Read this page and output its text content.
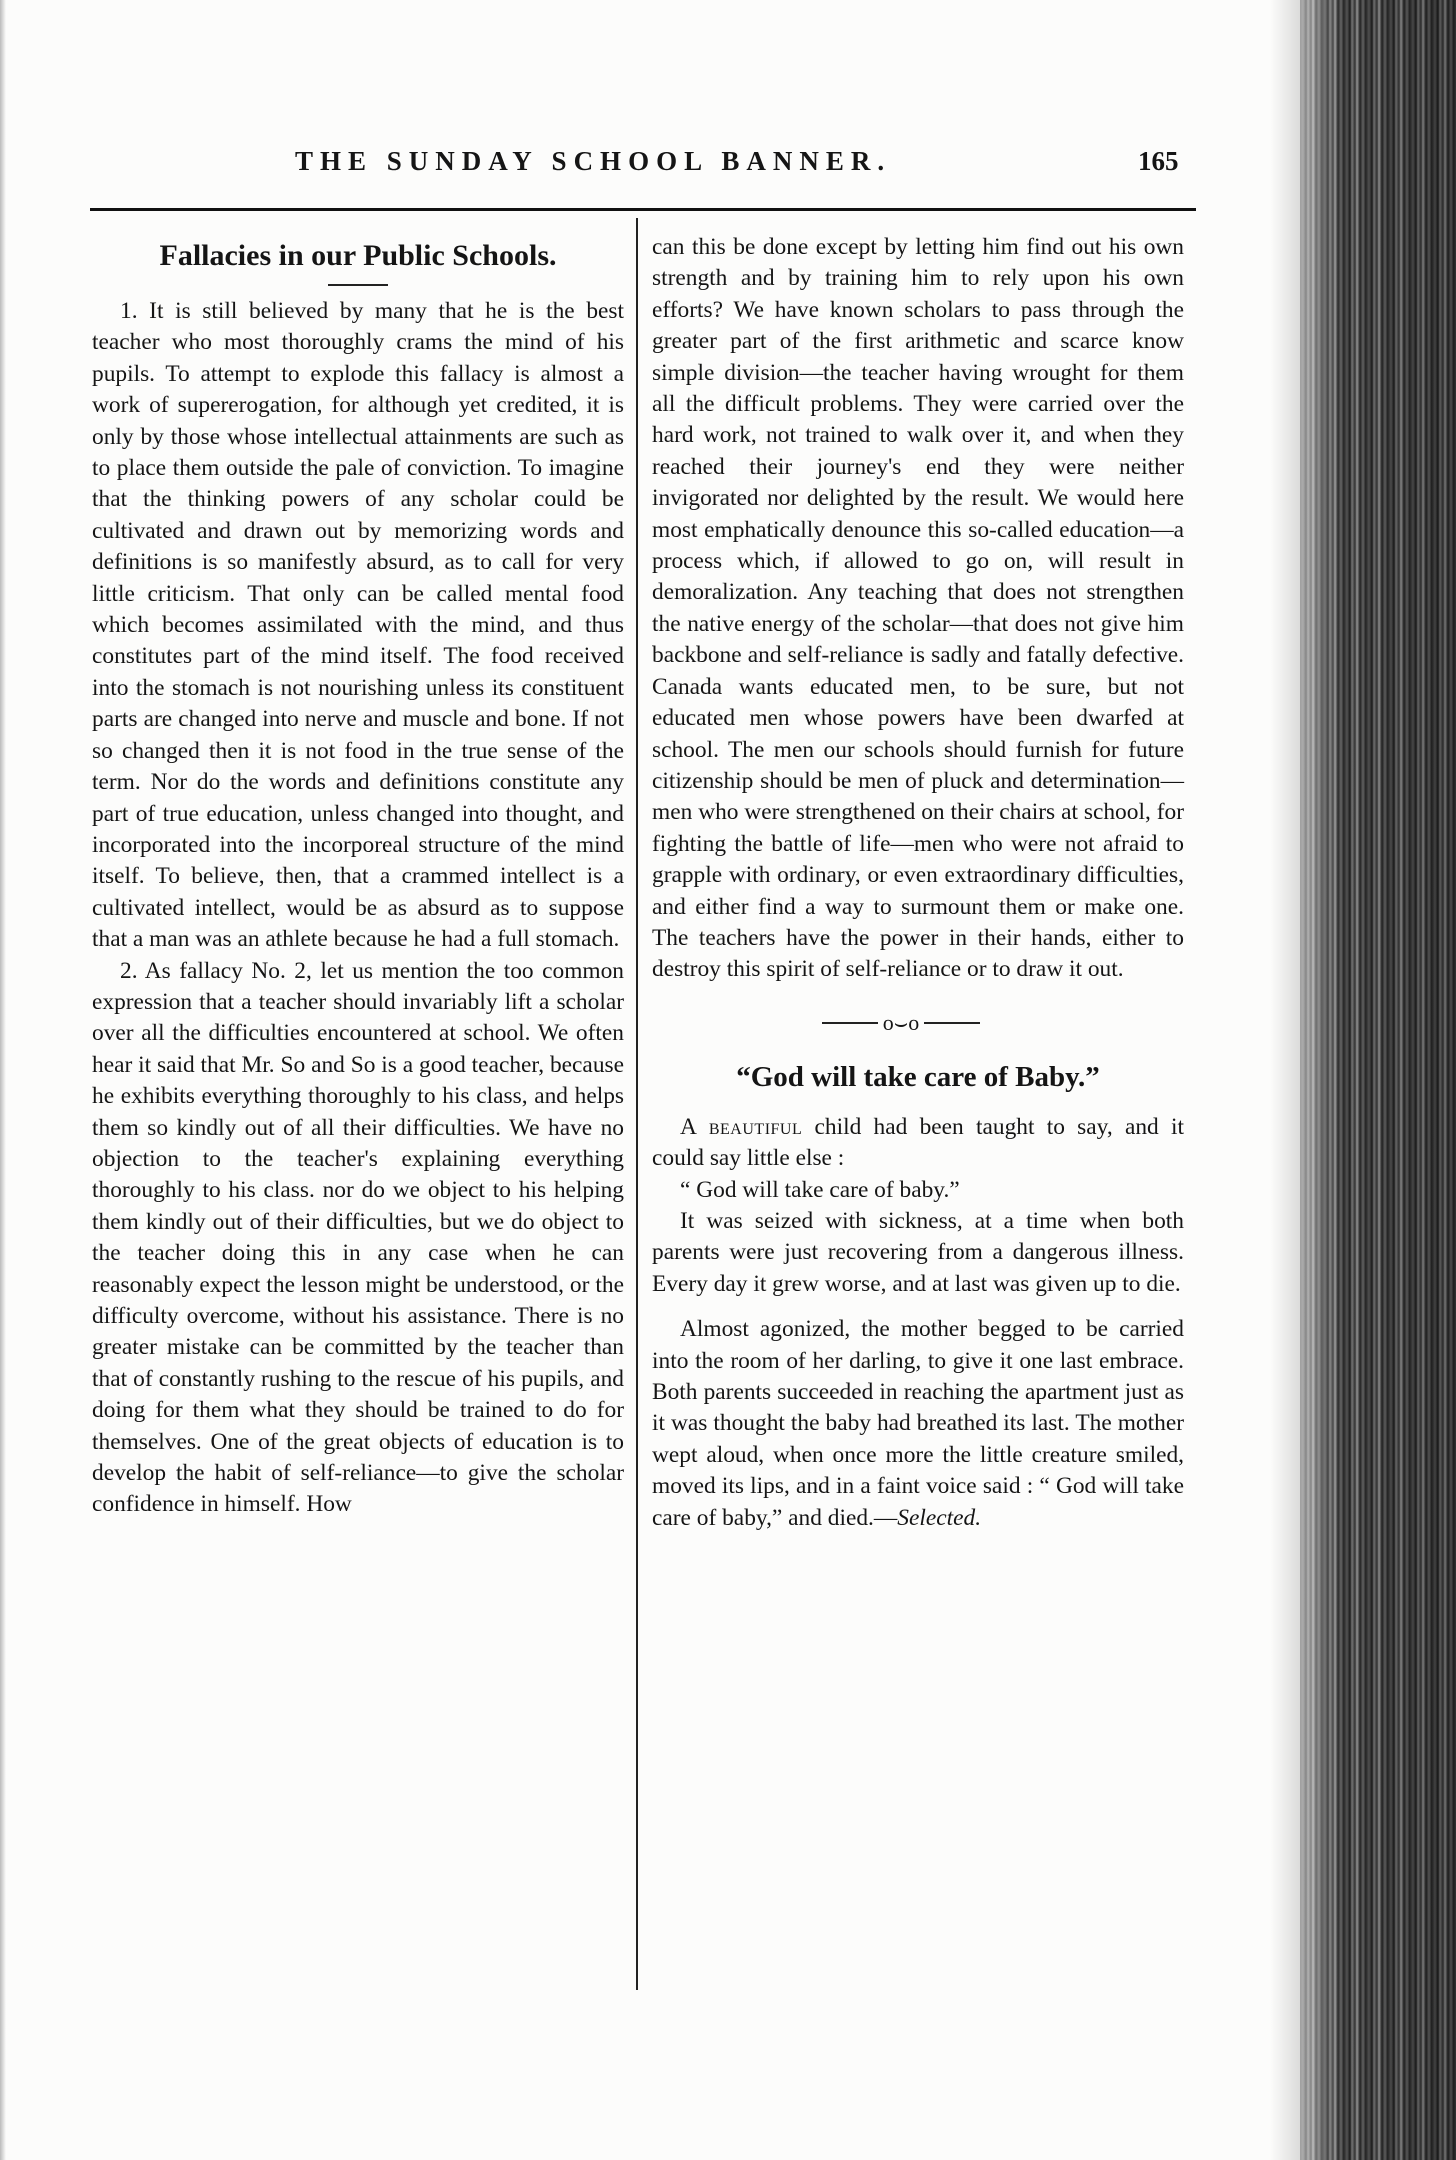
THE SUNDAY SCHOOL BANNER.	165
Fallacies in our Public Schools.

1. It is still believed by many that he is the best teacher who most thoroughly crams the mind of his pupils. To attempt to explode this fallacy is almost a work of supererogation, for although yet credited, it is only by those whose intellectual attainments are such as to place them outside the pale of conviction. To imagine that the thinking powers of any scholar could be cultivated and drawn out by memorizing words and definitions is so manifestly absurd, as to call for very little criticism. That only can be called mental food which becomes assimilated with the mind, and thus constitutes part of the mind itself. The food received into the stomach is not nourishing unless its constituent parts are changed into nerve and muscle and bone. If not so changed then it is not food in the true sense of the term. Nor do the words and definitions constitute any part of true education, unless changed into thought, and incorporated into the incorporeal structure of the mind itself. To believe, then, that a crammed intellect is a cultivated intellect, would be as absurd as to suppose that a man was an athlete because he had a full stomach.

2. As fallacy No. 2, let us mention the too common expression that a teacher should invariably lift a scholar over all the difficulties encountered at school. We often hear it said that Mr. So and So is a good teacher, because he exhibits everything thoroughly to his class, and helps them so kindly out of all their difficulties. We have no objection to the teacher's explaining everything thoroughly to his class. nor do we object to his helping them kindly out of their difficulties, but we do object to the teacher doing this in any case when he can reasonably expect the lesson might be understood, or the difficulty overcome, without his assistance. There is no greater mistake can be committed by the teacher than that of constantly rushing to the rescue of his pupils, and doing for them what they should be trained to do for themselves. One of the great objects of education is to develop the habit of self-reliance—to give the scholar confidence in himself. How

can this be done except by letting him find out his own strength and by training him to rely upon his own efforts? We have known scholars to pass through the greater part of the first arithmetic and scarce know simple division—the teacher having wrought for them all the difficult problems. They were carried over the hard work, not trained to walk over it, and when they reached their journey's end they were neither invigorated nor delighted by the result. We would here most emphatically denounce this so-called education—a process which, if allowed to go on, will result in demoralization. Any teaching that does not strengthen the native energy of the scholar—that does not give him backbone and self-reliance is sadly and fatally defective. Canada wants educated men, to be sure, but not educated men whose powers have been dwarfed at school. The men our schools should furnish for future citizenship should be men of pluck and determination—men who were strengthened on their chairs at school, for fighting the battle of life—men who were not afraid to grapple with ordinary, or even extraordinary difficulties, and either find a way to surmount them or make one. The teachers have the power in their hands, either to destroy this spirit of self-reliance or to draw it out.

o⌣o
“God will take care of Baby.”

A beautiful child had been taught to say, and it could say little else :

“ God will take care of baby.”

It was seized with sickness, at a time when both parents were just recovering from a dangerous illness. Every day it grew worse, and at last was given up to die.

Almost agonized, the mother begged to be carried into the room of her darling, to give it one last embrace. Both parents succeeded in reaching the apartment just as it was thought the baby had breathed its last. The mother wept aloud, when once more the little creature smiled, moved its lips, and in a faint voice said : “ God will take care of baby,” and died.—Selected.
